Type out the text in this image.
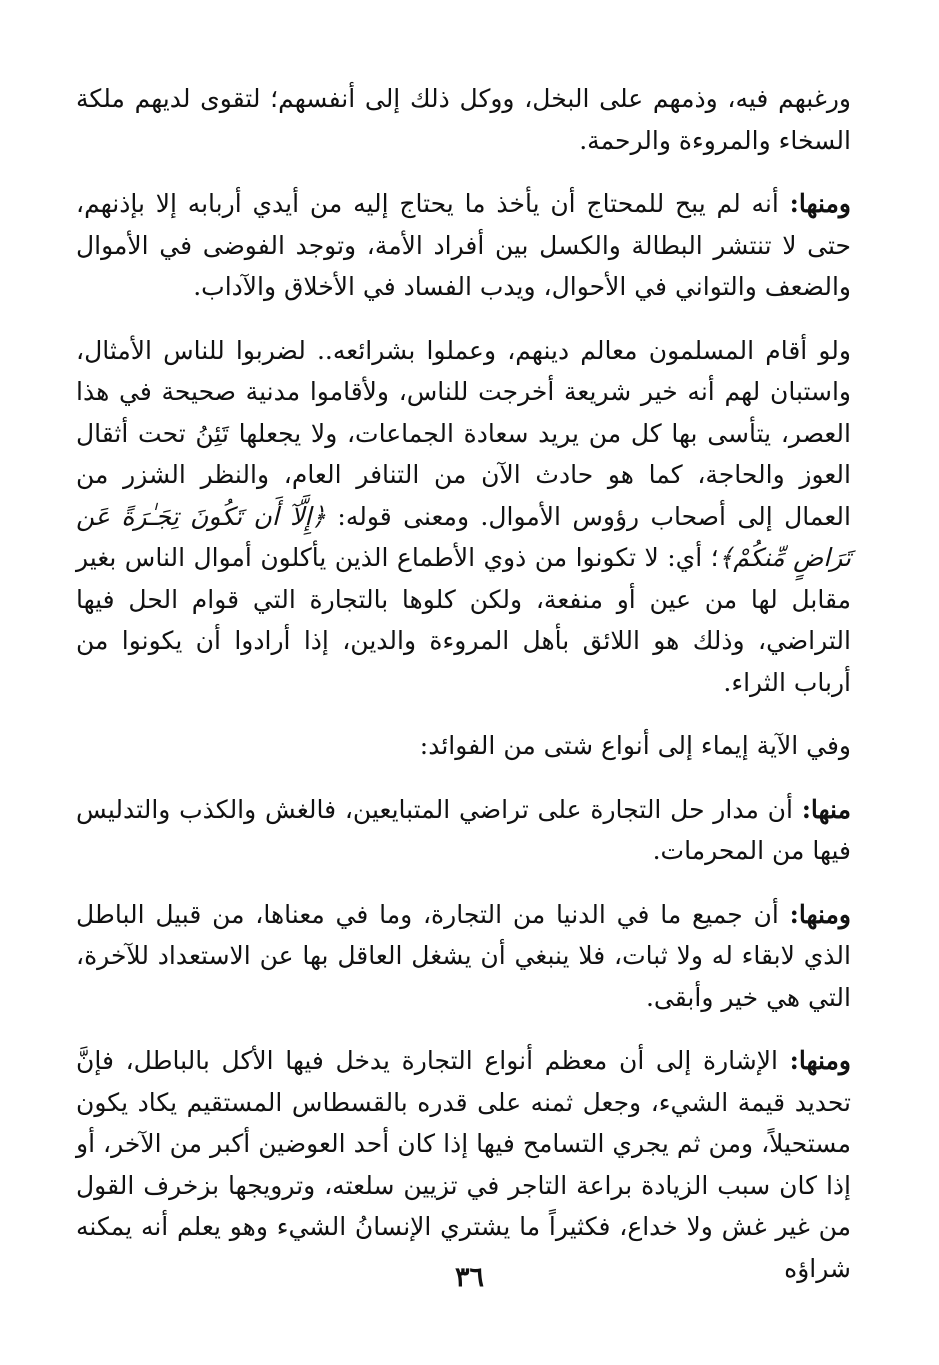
ورغبهم فيه، وذمهم على البخل، ووكل ذلك إلى أنفسهم؛ لتقوى لديهم ملكة السخاء والمروءة والرحمة.

ومنها: أنه لم يبح للمحتاج أن يأخذ ما يحتاج إليه من أيدي أربابه إلا بإذنهم، حتى لا تنتشر البطالة والكسل بين أفراد الأمة، وتوجد الفوضى في الأموال والضعف والتواني في الأحوال، ويدب الفساد في الأخلاق والآداب.

ولو أقام المسلمون معالم دينهم، وعملوا بشرائعه.. لضربوا للناس الأمثال، واستبان لهم أنه خير شريعة أخرجت للناس، ولأقاموا مدنية صحيحة في هذا العصر، يتأسى بها كل من يريد سعادة الجماعات، ولا يجعلها تَئِنُ تحت أثقال العوز والحاجة، كما هو حادث الآن من التنافر العام، والنظر الشزر من العمال إلى أصحاب رؤوس الأموال. ومعنى قوله: ﴿إِلَّآ أَن تَكُونَ تِجَـٰرَةً عَن تَرَاضٍ مِّنكُمْ﴾؛ أي: لا تكونوا من ذوي الأطماع الذين يأكلون أموال الناس بغير مقابل لها من عين أو منفعة، ولكن كلوها بالتجارة التي قوام الحل فيها التراضي، وذلك هو اللائق بأهل المروءة والدين، إذا أرادوا أن يكونوا من أرباب الثراء.

وفي الآية إيماء إلى أنواع شتى من الفوائد:

منها: أن مدار حل التجارة على تراضي المتبايعين، فالغش والكذب والتدليس فيها من المحرمات.

ومنها: أن جميع ما في الدنيا من التجارة، وما في معناها، من قبيل الباطل الذي لابقاء له ولا ثبات، فلا ينبغي أن يشغل العاقل بها عن الاستعداد للآخرة، التي هي خير وأبقى.

ومنها: الإشارة إلى أن معظم أنواع التجارة يدخل فيها الأكل بالباطل، فإنَّ تحديد قيمة الشيء، وجعل ثمنه على قدره بالقسطاس المستقيم يكاد يكون مستحيلاً، ومن ثم يجري التسامح فيها إذا كان أحد العوضين أكبر من الآخر، أو إذا كان سبب الزيادة براعة التاجر في تزيين سلعته، وترويجها بزخرف القول من غير غش ولا خداع، فكثيراً ما يشتري الإنسانُ الشيء وهو يعلم أنه يمكنه شراؤه

٣٦
